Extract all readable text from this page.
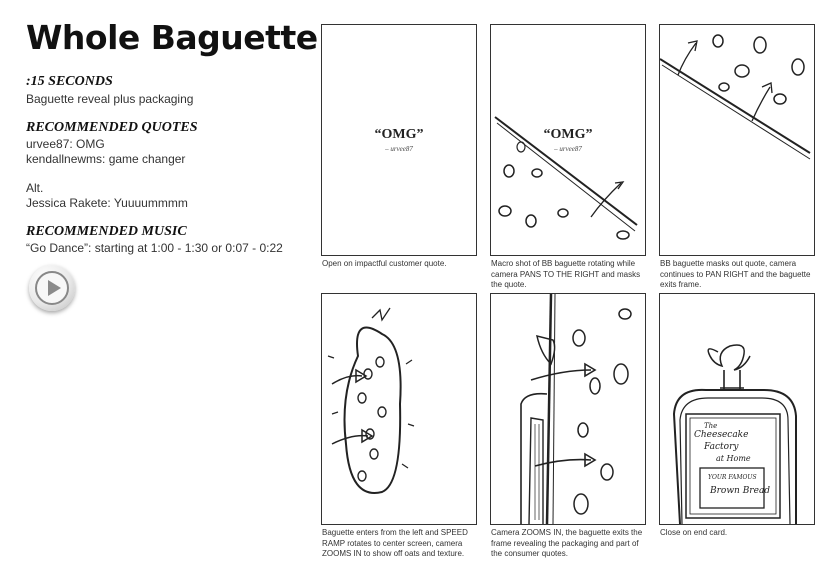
Whole Baguette
:15 SECONDS
Baguette reveal plus packaging
RECOMMENDED QUOTES
urvee87: OMG
kendallnewms: game changer
Alt.
Jessica Rakete: Yuuuummmm
RECOMMENDED MUSIC
“Go Dance”: starting at 1:00 - 1:30 or 0:07 - 0:22
“OMG”
– urvee87
Open on impactful customer quote.
“OMG”
– urvee87
Macro shot of BB baguette rotating while camera PANS TO THE RIGHT and masks the quote.
BB baguette masks out quote, camera continues to PAN RIGHT and the baguette exits frame.
Baguette enters from the left and SPEED RAMP rotates to center screen, camera ZOOMS IN to show off oats and texture.
Camera ZOOMS IN, the baguette exits the frame revealing the packaging and part of the consumer quotes.
The
Cheesecake
Factory
at Home
YOUR FAMOUS
Brown Bread
Close on end card.
